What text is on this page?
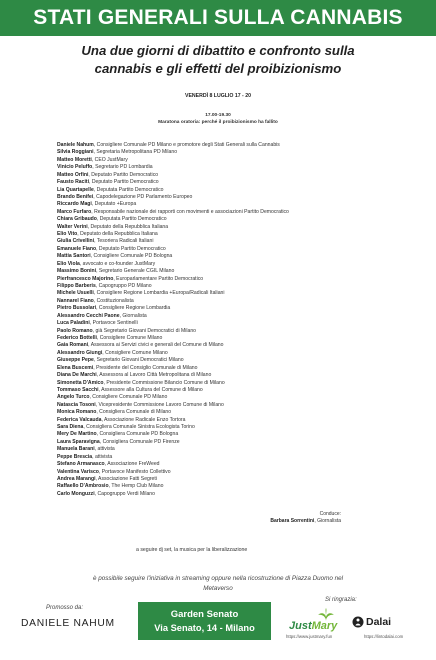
STATI GENERALI SULLA CANNABIS
Una due giorni di dibattito e confronto sulla
cannabis e gli effetti del proibizionismo
VENERDÌ 8 LUGLIO 17 - 20
17.00-19.30
Maratona oratoria: perché il proibizionismo ha fallito
Daniele Nahum, Consigliere Comunale PD Milano e promotore degli Stati Generali sulla Cannabis
Silvia Roggiani, Segretaria Metropolitana PD Milano
Matteo Moretti, CEO JustMary
Vinicio Peluffo, Segretario PD Lombardia
Matteo Orfini, Deputato Partito Democratico
Fausto Raciti, Deputato Partito Democratico
Lia Quartapelle, Deputata Partito Democratico
Brando Benifei, Capodelegazione PD Parlamento Europeo
Riccardo Magi, Deputato +Europa
Marco Furfaro, Responsabile nazionale dei rapporti con movimenti e associazioni Partito Democratico
Chiara Gribaudo, Deputata Partito Democratico
Walter Verini, Deputato della Repubblica Italiana
Elio Vito, Deputato della Repubblica Italiana
Giulia Crivellini, Tesoriera Radicali Italiani
Emanuele Fiano, Deputato Partito Democratico
Mattia Santori, Consigliere Comunale PD Bologna
Elio Viola, avvocato e co-founder JustMary
Massimo Bonini, Segretario Generale CGIL Milano
Pierfrancesco Majorino, Europarlamentare Partito Democratico
Filippo Barberis, Capogruppo PD Milano
Michele Usuelli, Consigliere Regione Lombardia +Europa/Radicali Italiani
Nannarel Fiano, Costituzionalista
Pietro Bussolari, Consigliere Regione Lombardia
Alessandro Cecchi Paone, Giornalista
Luca Paladini, Portavoce Sentinelli
Paolo Romano, già Segretario Giovani Democratici di Milano
Federico Bottelli, Consigliere Comune Milano
Gaia Romani, Assessora ai Servizi civici e generali del Comune di Milano
Alessandro Giungi, Consigliere Comune Milano
Giuseppe Pepe, Segretario Giovani Democratici Milano
Elena Buscemi, Presidente del Consiglio Comunale di Milano
Diana De Marchi, Assessora al Lavoro Città Metropolitana di Milano
Simonetta D'Amico, Presidente Commissione Bilancio Comune di Milano
Tommaso Sacchi, Assessore alla Cultura del Comune di Milano
Angelo Turco, Consigliere Comunale PD Milano
Natascia Tosoni, Vicepresidente Commissione Lavoro Comune di Milano
Monica Romano, Consigliera Comunale di Milano
Federica Valcauda, Associazione Radicale Enzo Tortora
Sara Diena, Consigliera Comunale Sinistra Ecologista Torino
Mery De Martino, Consigliera Comunale PD Bologna
Laura Sparavigna, Consigliera Comunale PD Firenze
Manuela Barani, attivista
Peppe Brescia, attivista
Stefano Armanasco, Associazione FreWeed
Valentina Varisco, Portavoce Manifesto Collettivo
Andrea Marangi, Associazione Fatti Segreti
Raffaello D'Ambrosio, The Hemp Club Milano
Carlo Monguzzi, Capogruppo Verdi Milano
Conduce:
Barbara Sorrentini, Giornalista
a seguire dj set, la musica per la liberalizzazione
è possibile seguire l'iniziativa in streaming oppure nella ricostruzione di Piazza Duomo nel
Metaverso
Promosso da:
DANIELE NAHUM
Garden Senato
Via Senato, 14 - Milano
Si ringrazia:
JustMary
https://www.justmary.fun
Dalai
https://lintodalai.com
